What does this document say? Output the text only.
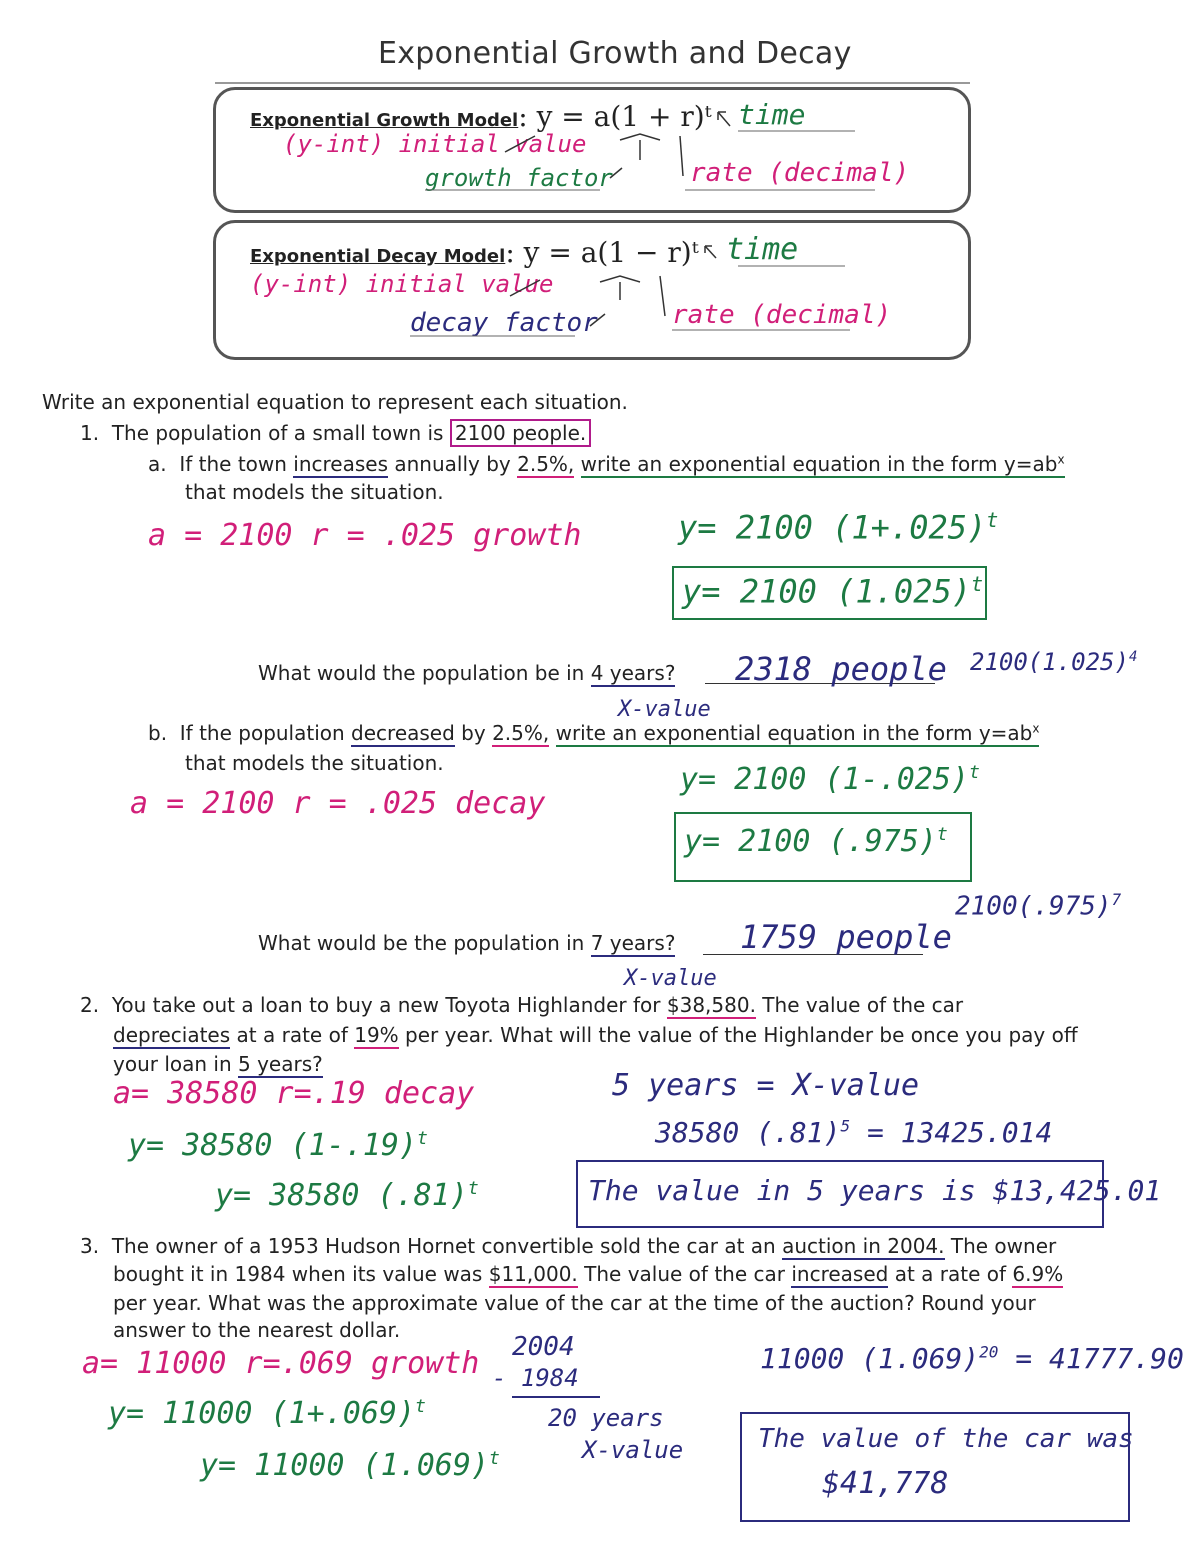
Exponential Growth and Decay
Exponential Growth Model: y = a(1 + r)ᵗ time
(y-int) initial value
growth factor	rate (decimal)
Exponential Decay Model: y = a(1 − r)ᵗ time
(y-int) initial value
decay factor	rate (decimal)
Write an exponential equation to represent each situation.
1. The population of a small town is 2100 people.
a. If the town increases annually by 2.5%, write an exponential equation in the form $y=ab^x$
that models the situation.
a = 2100 r = .025 growth	y= 2100 $(1+.025)^t$
y= 2100 $(1.025)^t$
What would the population be in 4 years? 2318 people $2100(1.025)^4$
X-value
b. If the population decreased by 2.5%, write an exponential equation in the form $y=ab^x$
that models the situation.
a = 2100 r = .025 decay
y= 2100 $(1-.025)^t$
y= 2100 $(.975)^t$
$2100(.975)^7$
What would be the population in 7 years? 1759 people
X-value
2. You take out a loan to buy a new Toyota Highlander for $38,580. The value of the car
depreciates at a rate of 19% per year. What will the value of the Highlander be once you pay off
your loan in 5 years?
a= 38580 r=.19 decay
y= 38580 $(1-.19)^t$
y= 38580 $(.81)^t$
5 years = X-value
38580 $(.81)^5 = 13425.014$
The value in 5 years is $13,425.01
3. The owner of a 1953 Hudson Hornet convertible sold the car at an auction in 2004. The owner
bought it in 1984 when its value was $11,000. The value of the car increased at a rate of 6.9%
per year. What was the approximate value of the car at the time of the auction? Round your
answer to the nearest dollar.
a= 11000 r=.069 growth
y= 11000 $(1+.069)^t$
y= 11000 $(1.069)^t$
2004
- 1984
20 years
X-value
11000 $(1.069)^{20} = 41777.90$
The value of the car was
$41,778
